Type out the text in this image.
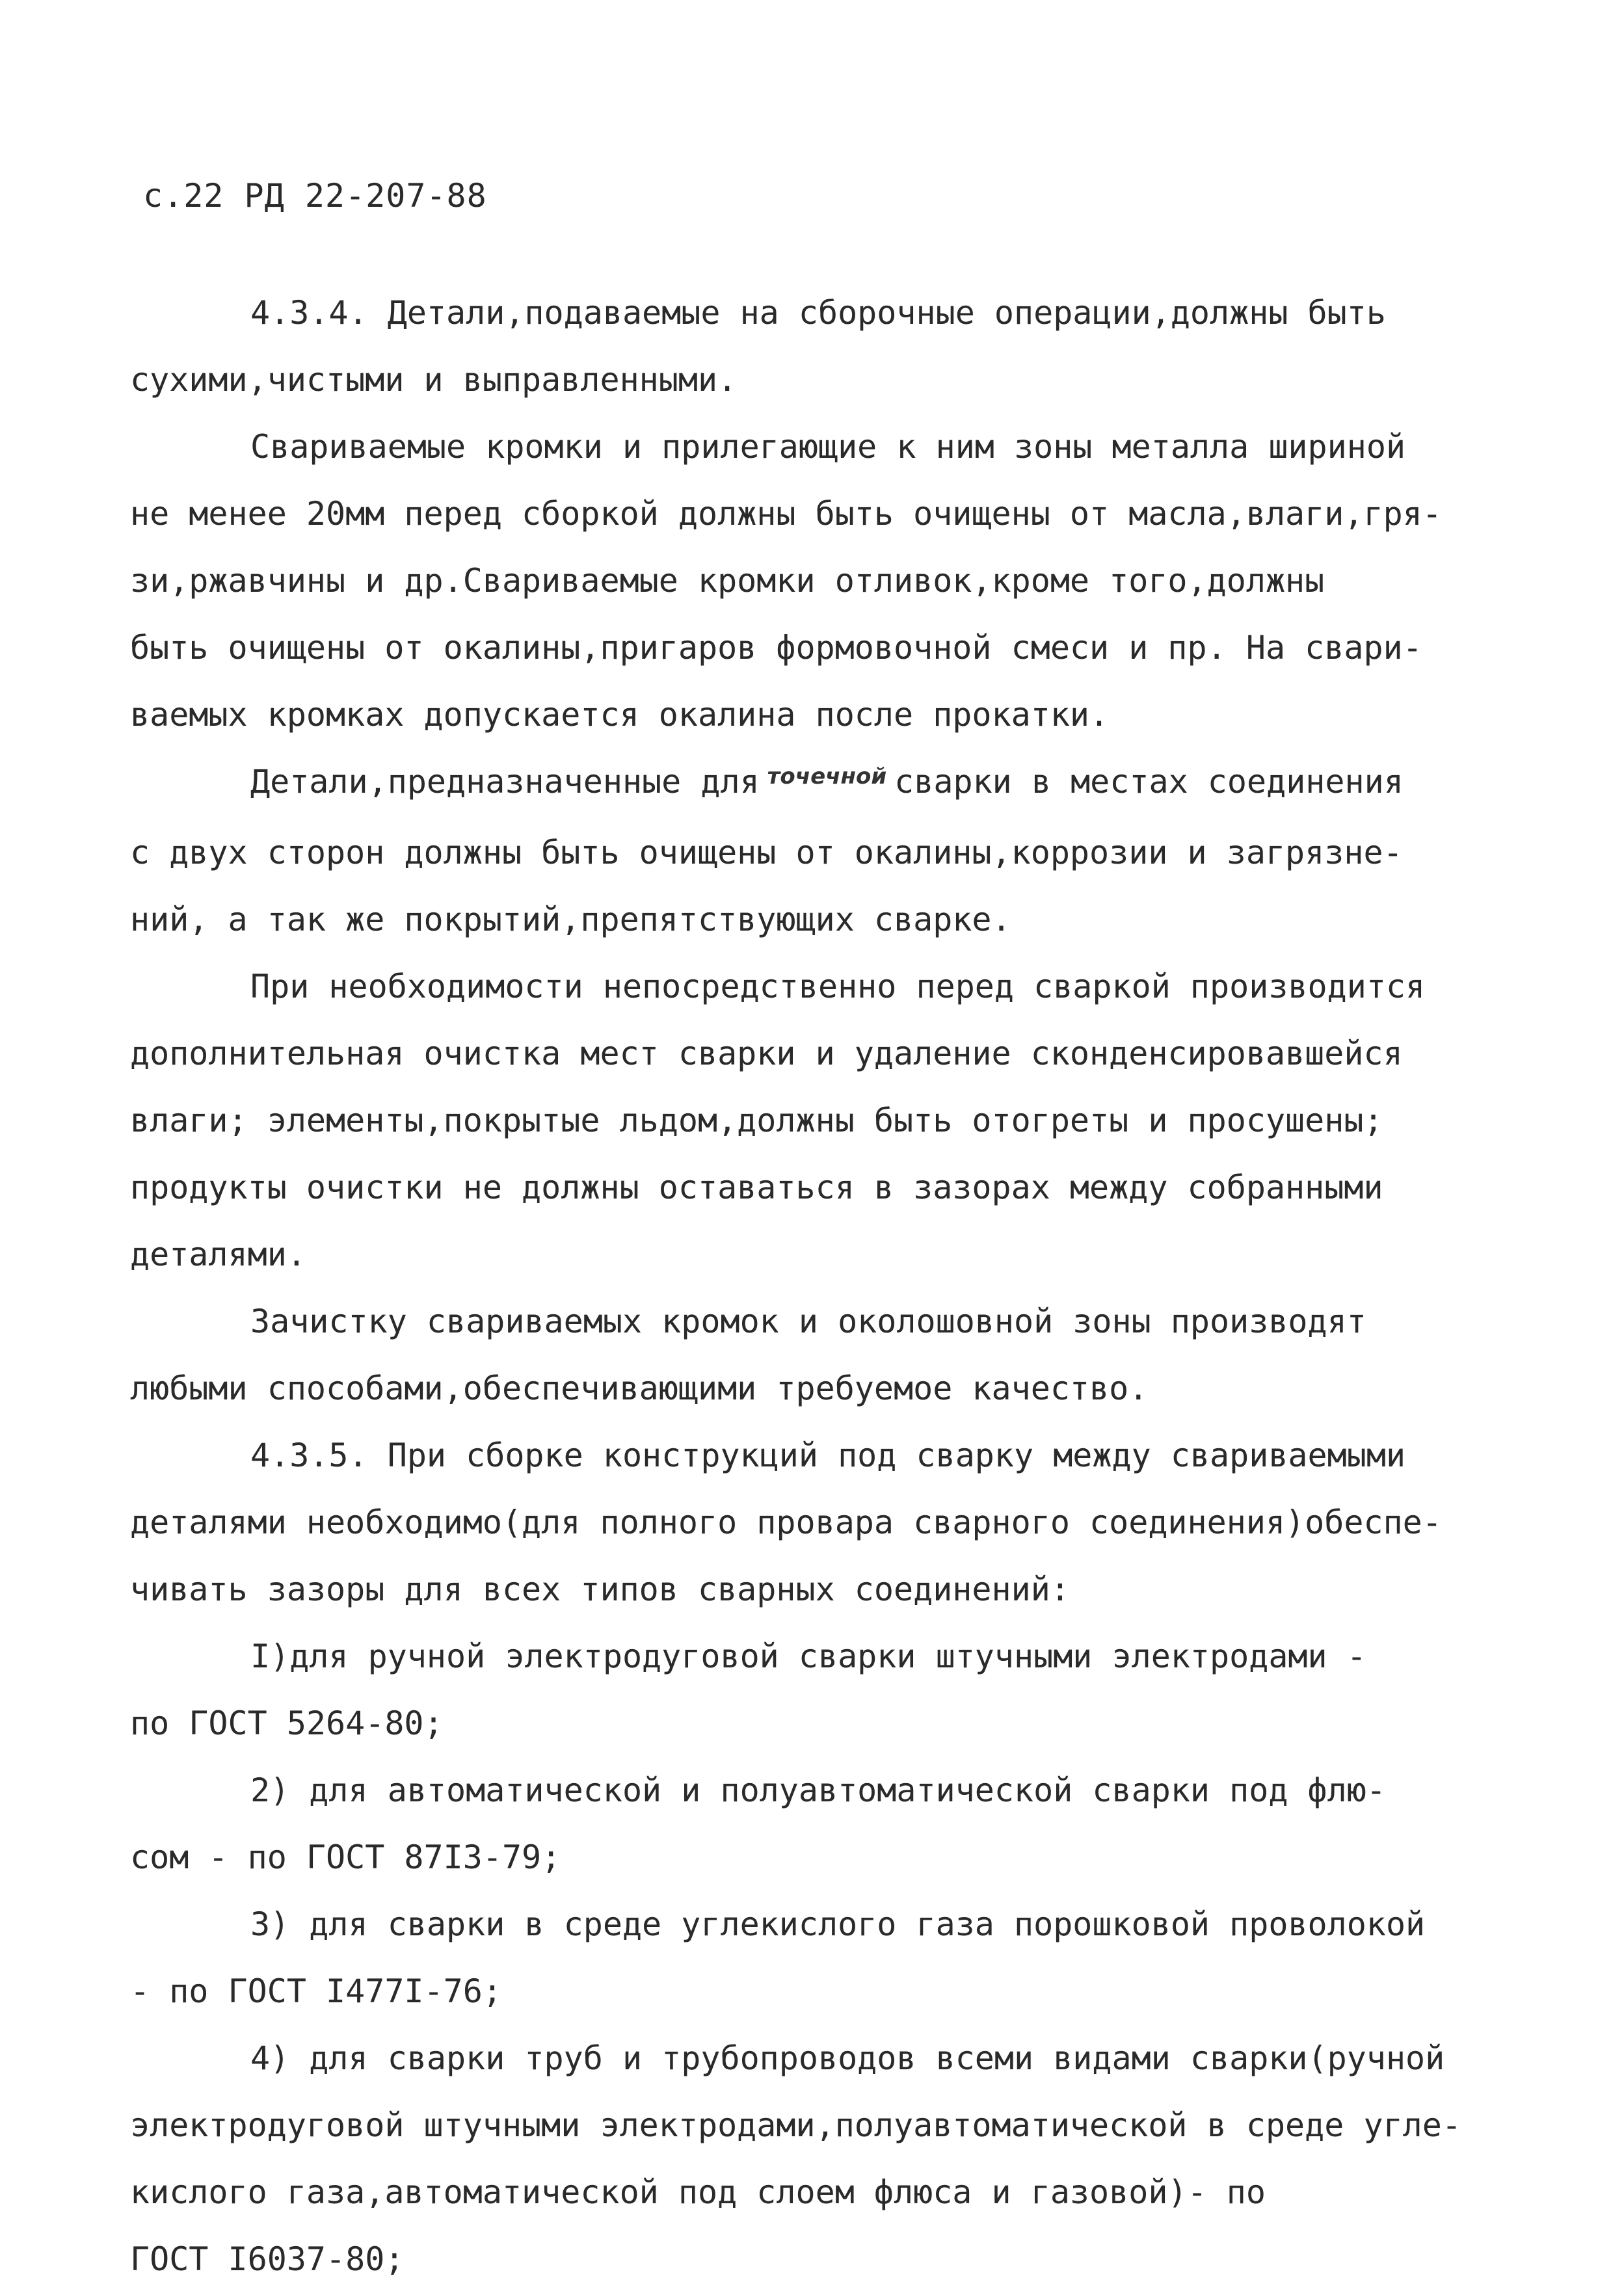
с.22 РД 22-207-88
4.3.4. Детали,подаваемые на сборочные операции,должны быть
сухими,чистыми и выправленными.
Свариваемые кромки и прилегающие к ним зоны металла шириной
не менее 20мм перед сборкой должны быть очищены от масла,влаги,гря-
зи,ржавчины и др.Свариваемые кромки отливок,кроме того,должны
быть очищены от окалины,пригаров формовочной смеси и пр. На свари-
ваемых кромках допускается окалина после прокатки.
Детали,предназначенные для точечной сварки в местах соединения
с двух сторон должны быть очищены от окалины,коррозии и загрязне-
ний, а так же покрытий,препятствующих сварке.
При необходимости непосредственно перед сваркой производится
дополнительная очистка мест сварки и удаление сконденсировавшейся
влаги; элементы,покрытые льдом,должны быть отогреты и просушены;
продукты очистки не должны оставаться в зазорах между собранными
деталями.
Зачистку свариваемых кромок и околошовной зоны производят
любыми способами,обеспечивающими требуемое качество.
4.3.5. При сборке конструкций под сварку между свариваемыми
деталями необходимо(для полного провара сварного соединения)обеспе-
чивать зазоры для всех типов сварных соединений:
I)для ручной электродуговой сварки штучными электродами -
по ГОСТ 5264-80;
2) для автоматической и полуавтоматической сварки под флю-
сом - по ГОСТ 87I3-79;
3) для сварки в среде углекислого газа порошковой проволокой
- по ГОСТ I477I-76;
4) для сварки труб и трубопроводов всеми видами сварки(ручной
электродуговой штучными электродами,полуавтоматической в среде угле-
кислого газа,автоматической под слоем флюса и газовой)- по
ГОСТ I6037-80;
